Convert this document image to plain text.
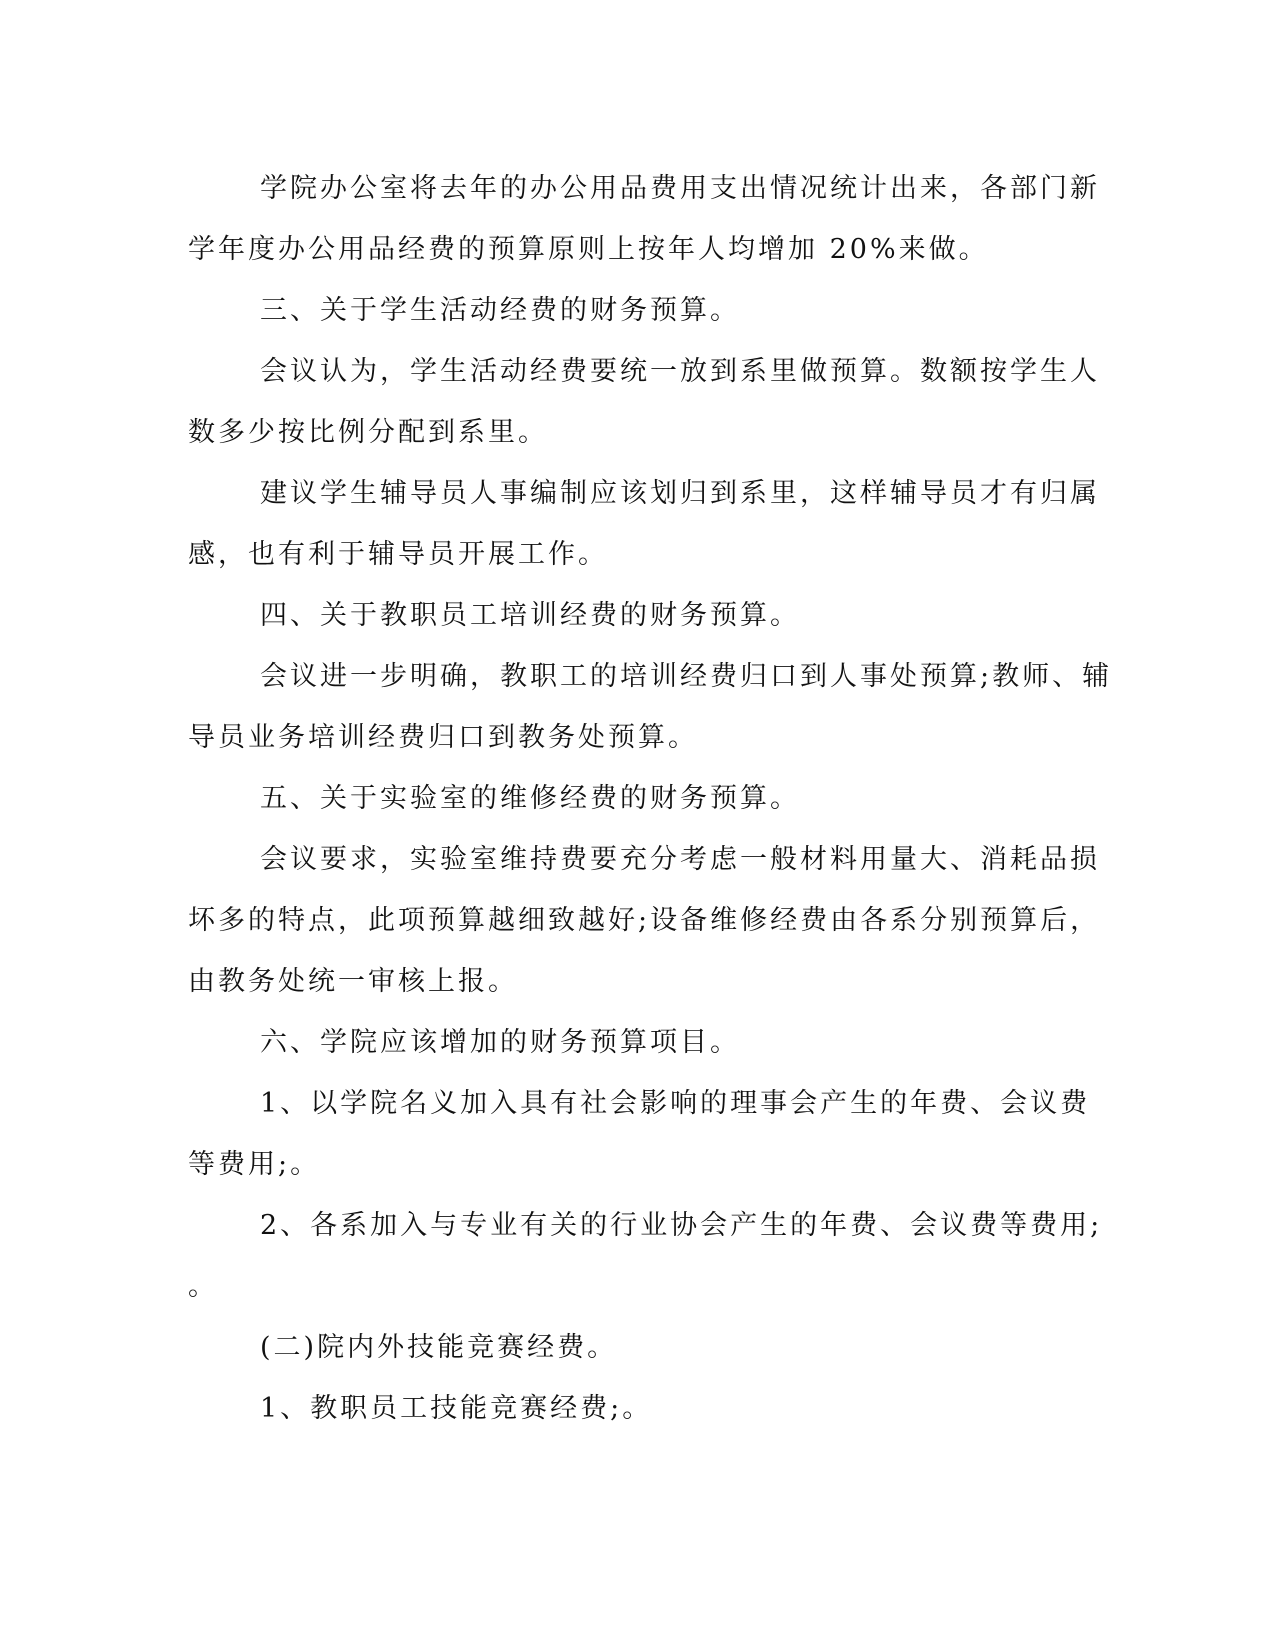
学院办公室将去年的办公用品费用支出情况统计出来，各部门新
学年度办公用品经费的预算原则上按年人均增加 20%来做。
三、关于学生活动经费的财务预算。
会议认为，学生活动经费要统一放到系里做预算。数额按学生人
数多少按比例分配到系里。
建议学生辅导员人事编制应该划归到系里，这样辅导员才有归属
感，也有利于辅导员开展工作。
四、关于教职员工培训经费的财务预算。
会议进一步明确，教职工的培训经费归口到人事处预算;教师、辅
导员业务培训经费归口到教务处预算。
五、关于实验室的维修经费的财务预算。
会议要求，实验室维持费要充分考虑一般材料用量大、消耗品损
坏多的特点，此项预算越细致越好;设备维修经费由各系分别预算后，
由教务处统一审核上报。
六、学院应该增加的财务预算项目。
1、以学院名义加入具有社会影响的理事会产生的年费、会议费
等费用;。
2、各系加入与专业有关的行业协会产生的年费、会议费等费用;
。
(二)院内外技能竞赛经费。
1、教职员工技能竞赛经费;。
